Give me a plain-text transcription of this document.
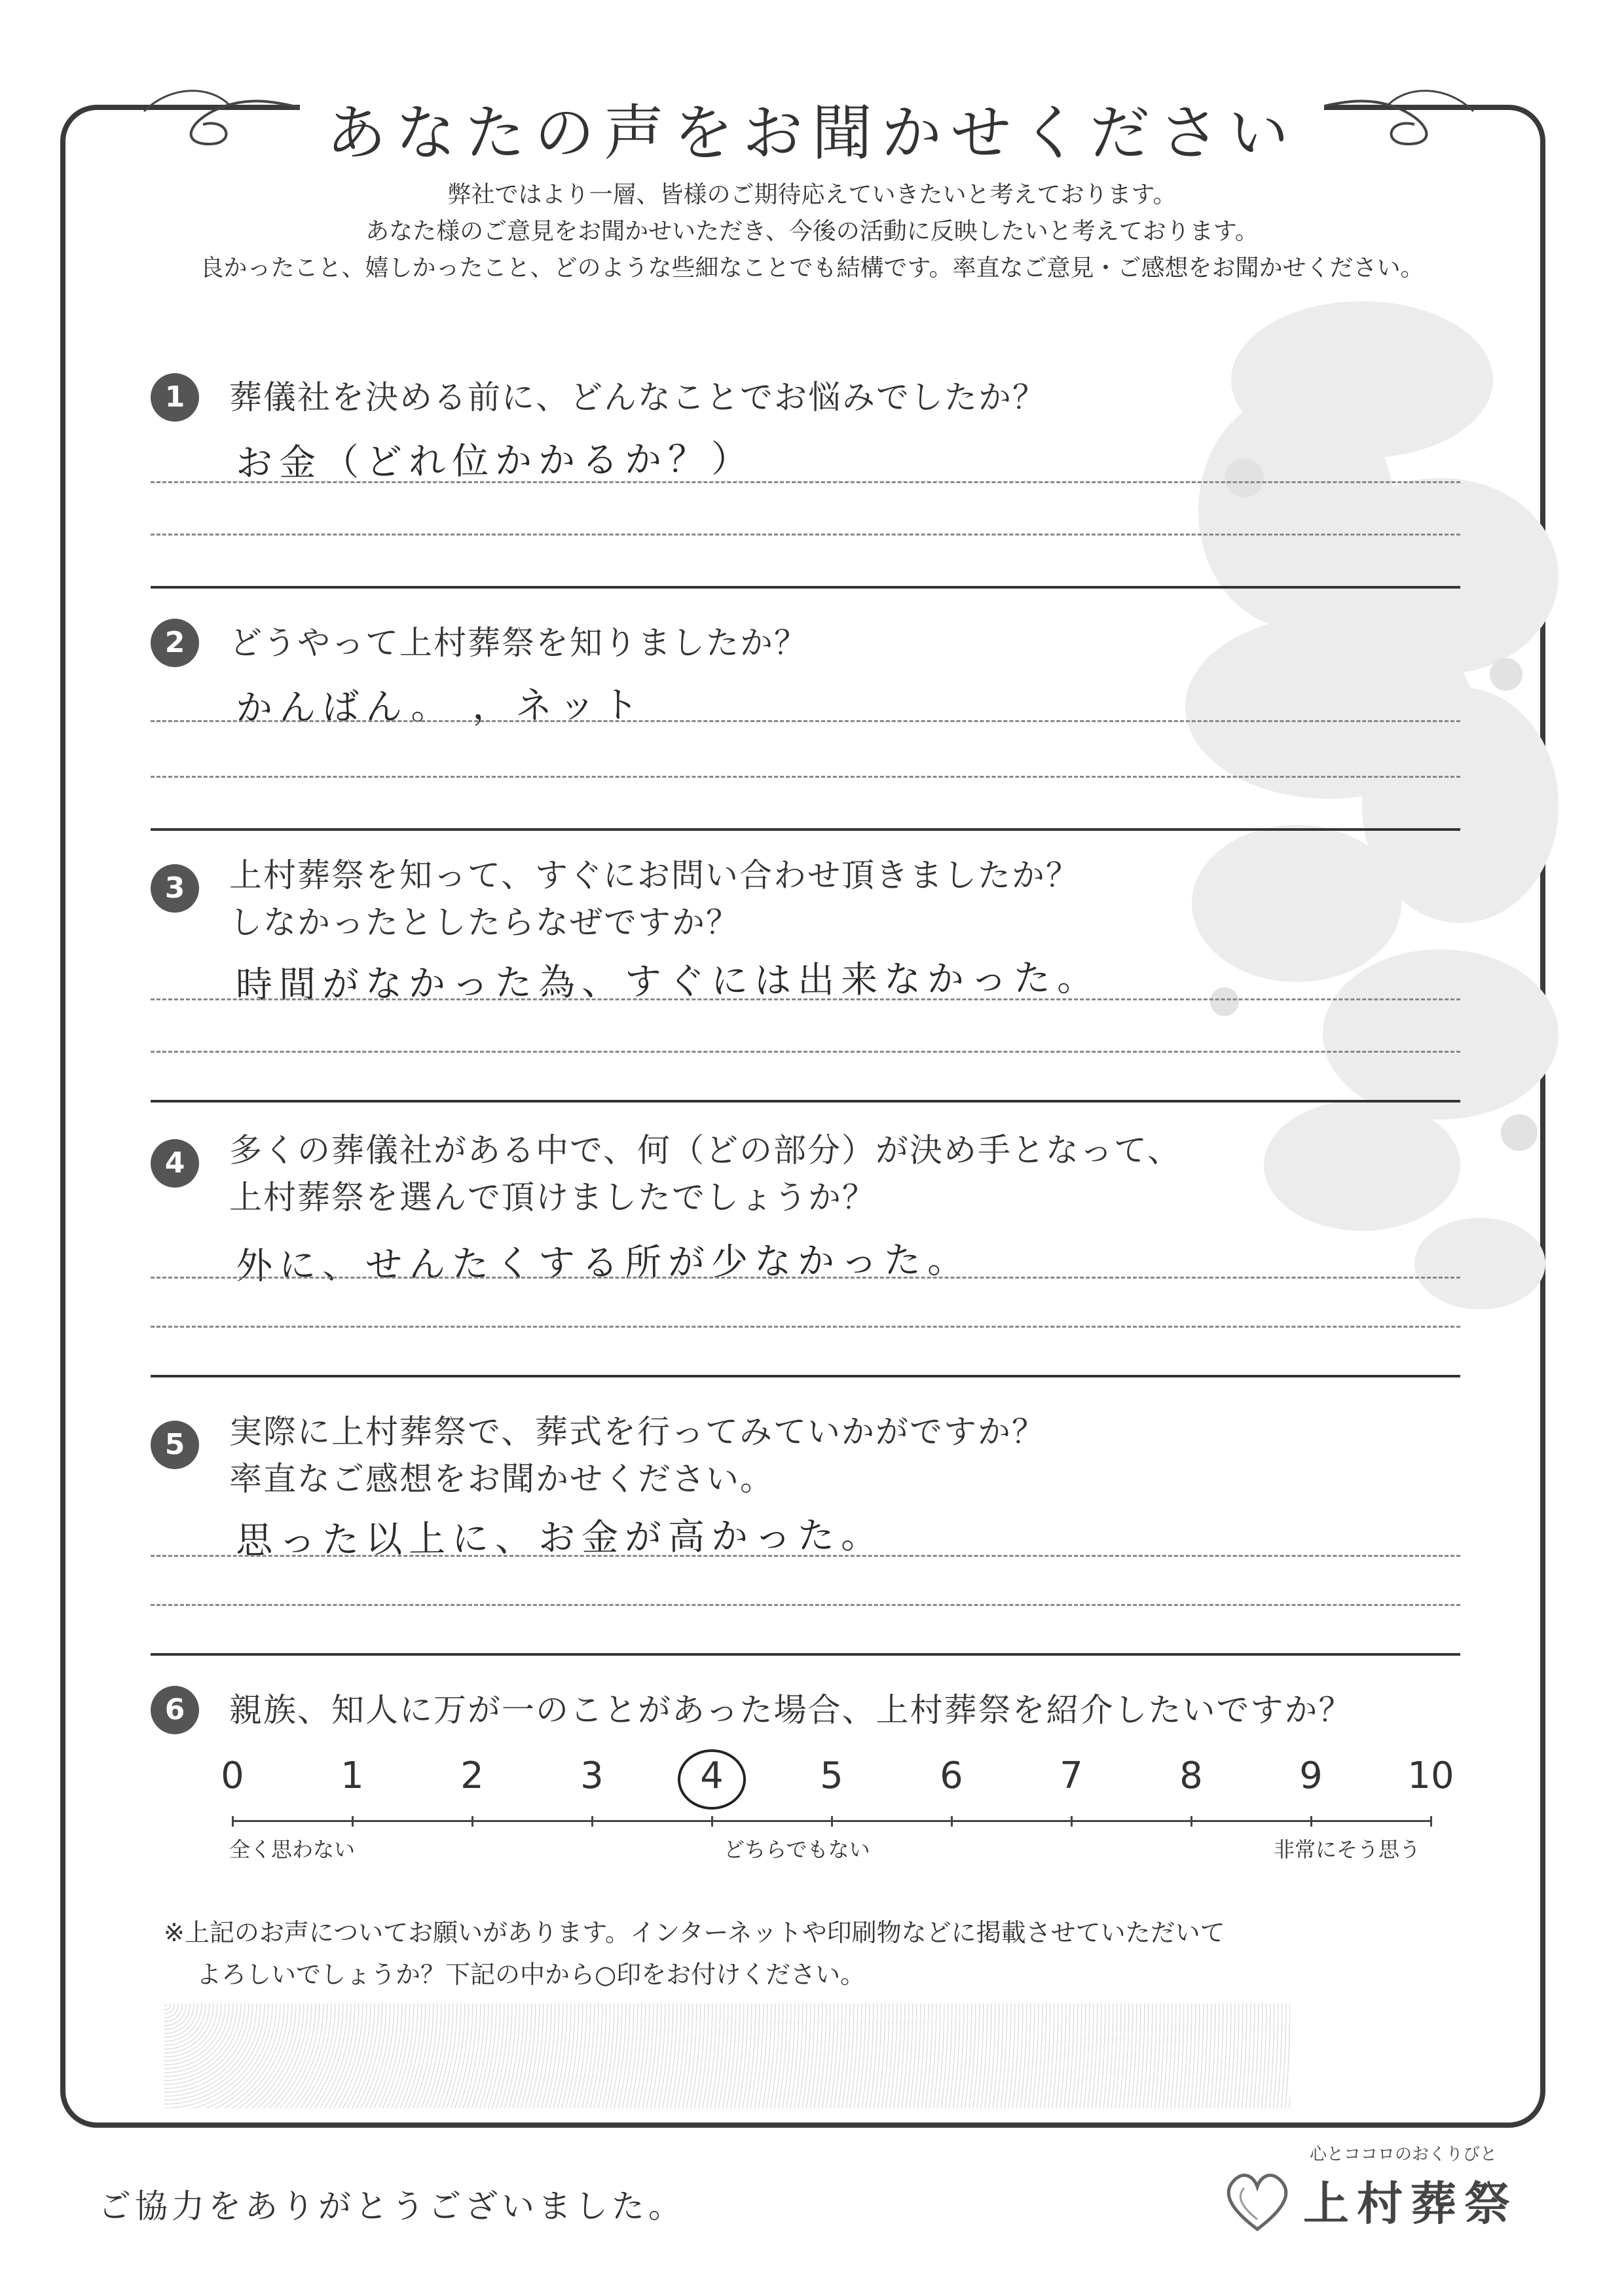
あなたの声をお聞かせください
弊社ではより一層、皆様のご期待応えていきたいと考えております。
あなた様のご意見をお聞かせいただき、今後の活動に反映したいと考えております。
良かったこと、嬉しかったこと、どのような些細なことでも結構です。率直なご意見・ご感想をお聞かせください。
1	葬儀社を決める前に、どんなことでお悩みでしたか？
お金（どれ位かかるか？）
2	どうやって上村葬祭を知りましたか？
かんばん。 ，ネット
3	上村葬祭を知って、すぐにお問い合わせ頂きましたか？
しなかったとしたらなぜですか？
時間がなかった為、すぐには出来なかった。
4	多くの葬儀社がある中で、何（どの部分）が決め手となって、
上村葬祭を選んで頂けましたでしょうか？
外に、せんたくする所が少なかった。
5	実際に上村葬祭で、葬式を行ってみていかがですか？
率直なご感想をお聞かせください。
思った以上に、お金が高かった。
6	親族、知人に万が一のことがあった場合、上村葬祭を紹介したいですか？
全く思わない	どちらでもない	非常にそう思う
0	1	2	3	4	5	6	7	8	9	10
※上記のお声についてお願いがあります。インターネットや印刷物などに掲載させていただいて
よろしいでしょうか？下記の中から○印をお付けください。
ご協力をありがとうございました。
心とココロのおくりびと
上村葬祭
